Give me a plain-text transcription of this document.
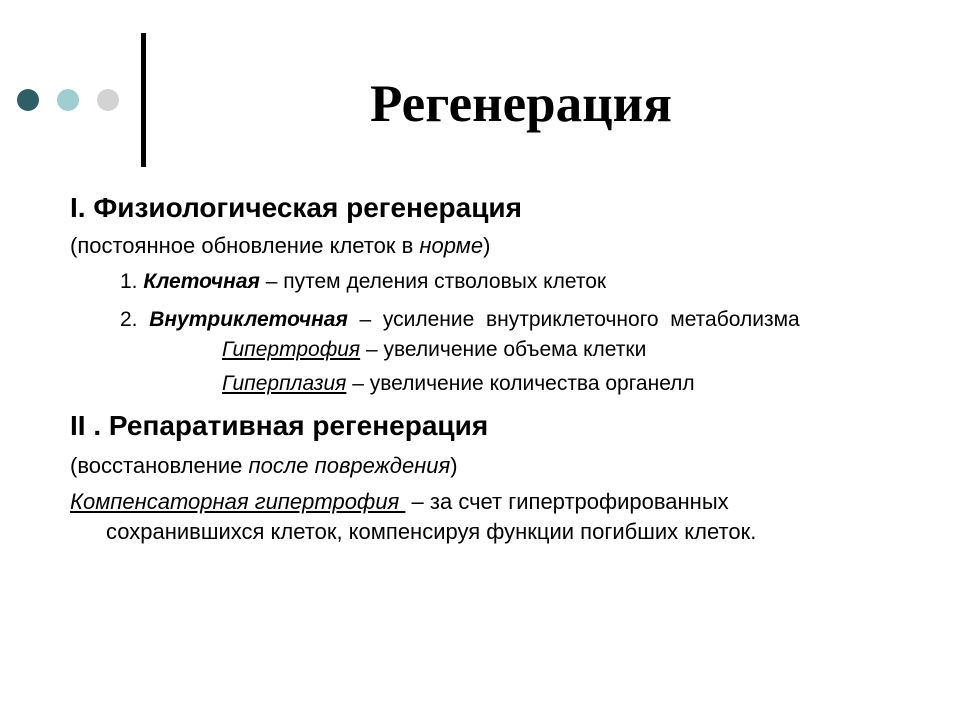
Регенерация
I. Физиологическая регенерация
(постоянное обновление клеток в норме)
1. Клеточная – путем деления стволовых клеток
2.  Внутриклеточная  –  усиление  внутриклеточного  метаболизма
Гипертрофия – увеличение объема клетки
Гиперплазия – увеличение количества органелл
II . Репаративная регенерация
(восстановление после повреждения)
Компенсаторная гипертрофия  – за счет гипертрофированных
сохранившихся клеток, компенсируя функции погибших клеток.
